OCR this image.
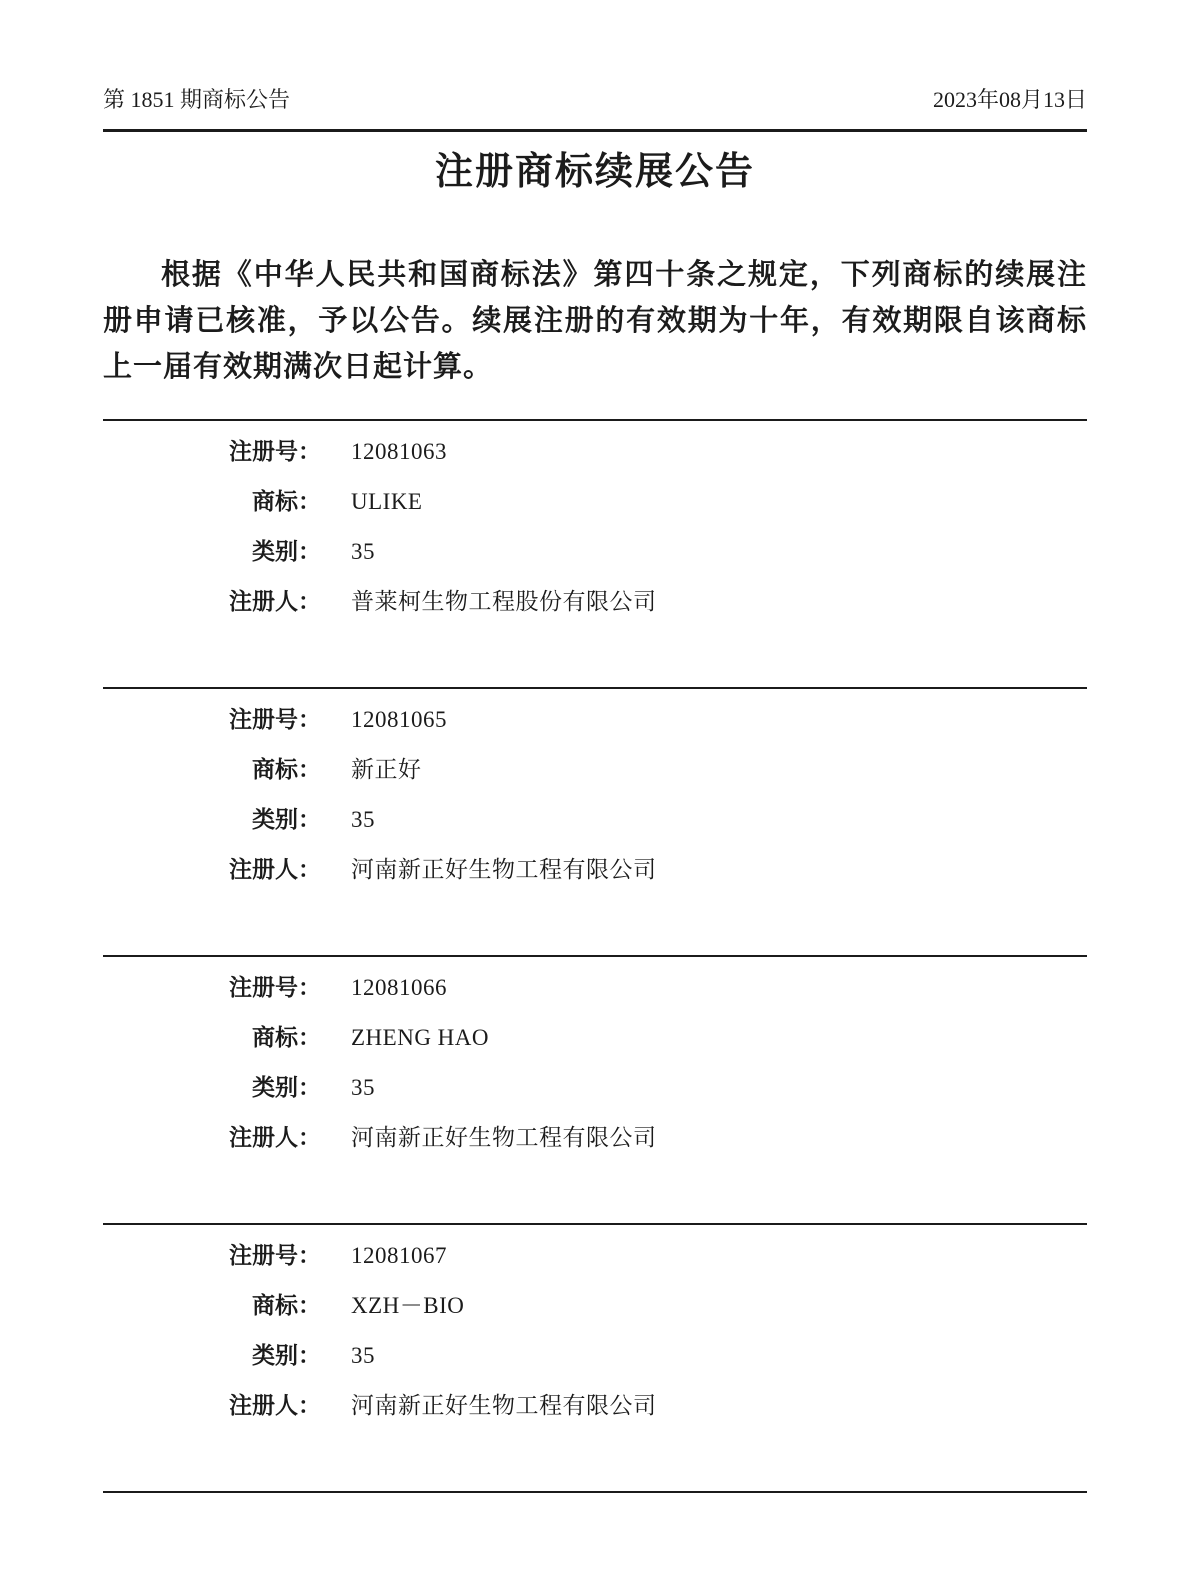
第 1851 期商标公告	2023年08月13日
注册商标续展公告

根据《中华人民共和国商标法》第四十条之规定，下列商标的续展注册申请已核准，予以公告。续展注册的有效期为十年，有效期限自该商标上一届有效期满次日起计算。

注册号： 12081063
商标： ULIKE
类别： 35
注册人： 普莱柯生物工程股份有限公司
注册号： 12081065
商标： 新正好
类别： 35
注册人： 河南新正好生物工程有限公司
注册号： 12081066
商标： ZHENG HAO
类别： 35
注册人： 河南新正好生物工程有限公司
注册号： 12081067
商标： XZH－BIO
类别： 35
注册人： 河南新正好生物工程有限公司
